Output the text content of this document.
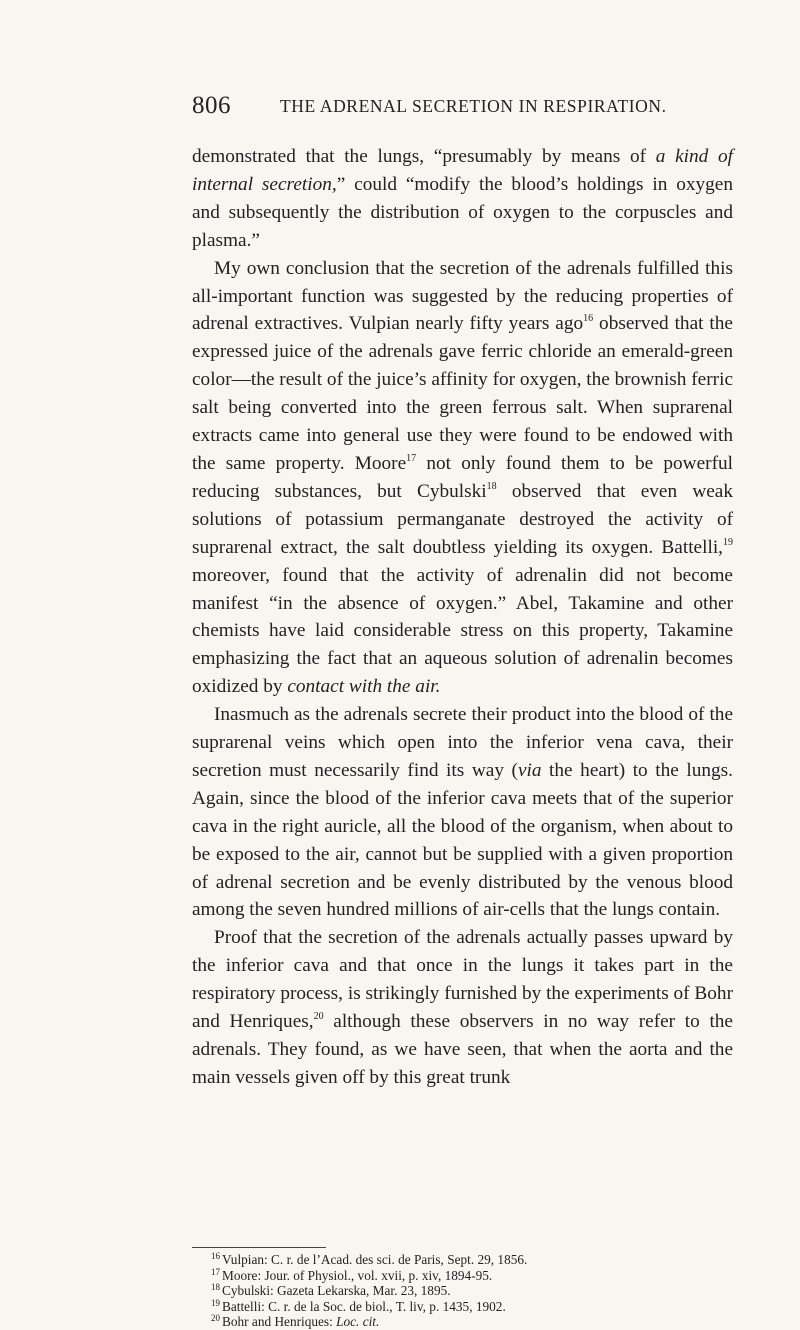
806	THE ADRENAL SECRETION IN RESPIRATION.

demonstrated that the lungs, “presumably by means of a kind of internal secretion,” could “modify the blood’s holdings in oxygen and subsequently the distribution of oxygen to the corpuscles and plasma.”

My own conclusion that the secretion of the adrenals fulfilled this all-important function was suggested by the reducing properties of adrenal extractives. Vulpian nearly fifty years ago$^{16}$ observed that the expressed juice of the adrenals gave ferric chloride an emerald-green color—the result of the juice’s affinity for oxygen, the brownish ferric salt being converted into the green ferrous salt. When suprarenal extracts came into general use they were found to be endowed with the same property. Moore$^{17}$ not only found them to be powerful reducing substances, but Cybulski$^{18}$ observed that even weak solutions of potassium permanganate destroyed the activity of suprarenal extract, the salt doubtless yielding its oxygen. Battelli,$^{19}$ moreover, found that the activity of adrenalin did not become manifest “in the absence of oxygen.” Abel, Takamine and other chemists have laid considerable stress on this property, Takamine emphasizing the fact that an aqueous solution of adrenalin becomes oxidized by contact with the air.

Inasmuch as the adrenals secrete their product into the blood of the suprarenal veins which open into the inferior vena cava, their secretion must necessarily find its way (via the heart) to the lungs. Again, since the blood of the inferior cava meets that of the superior cava in the right auricle, all the blood of the organism, when about to be exposed to the air, cannot but be supplied with a given proportion of adrenal secretion and be evenly distributed by the venous blood among the seven hundred millions of air-cells that the lungs contain.

Proof that the secretion of the adrenals actually passes upward by the inferior cava and that once in the lungs it takes part in the respiratory process, is strikingly furnished by the experiments of Bohr and Henriques,$^{20}$ although these observers in no way refer to the adrenals. They found, as we have seen, that when the aorta and the main vessels given off by this great trunk

$^{16}$ Vulpian: C. r. de l’Acad. des sci. de Paris, Sept. 29, 1856.
$^{17}$ Moore: Jour. of Physiol., vol. xvii, p. xiv, 1894-95.
$^{18}$ Cybulski: Gazeta Lekarska, Mar. 23, 1895.
$^{19}$ Battelli: C. r. de la Soc. de biol., T. liv, p. 1435, 1902.
$^{20}$ Bohr and Henriques: Loc. cit.
